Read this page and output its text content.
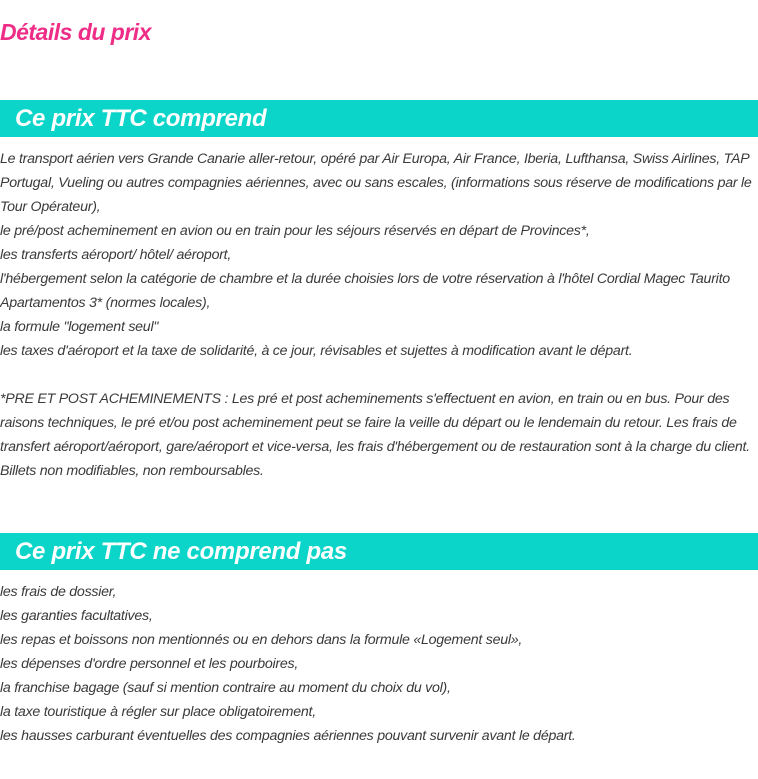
Détails du prix
Ce prix TTC comprend
Le transport aérien vers Grande Canarie aller-retour, opéré par Air Europa, Air France, Iberia, Lufthansa, Swiss Airlines, TAP Portugal, Vueling ou autres compagnies aériennes, avec ou sans escales, (informations sous réserve de modifications par le Tour Opérateur),
le pré/post acheminement en avion ou en train pour les séjours réservés en départ de Provinces*,
les transferts aéroport/ hôtel/ aéroport,
l'hébergement selon la catégorie de chambre et la durée choisies lors de votre réservation à l'hôtel Cordial Magec Taurito Apartamentos 3* (normes locales),
la formule "logement seul"
les taxes d'aéroport et la taxe de solidarité, à ce jour, révisables et sujettes à modification avant le départ.
*PRE ET POST ACHEMINEMENTS : Les pré et post acheminements s'effectuent en avion, en train ou en bus. Pour des raisons techniques, le pré et/ou post acheminement peut se faire la veille du départ ou le lendemain du retour. Les frais de transfert aéroport/aéroport, gare/aéroport et vice-versa, les frais d'hébergement ou de restauration sont à la charge du client. Billets non modifiables, non remboursables.
Ce prix TTC ne comprend pas
les frais de dossier,
les garanties facultatives,
les repas et boissons non mentionnés ou en dehors dans la formule «Logement seul»,
les dépenses d'ordre personnel et les pourboires,
la franchise bagage (sauf si mention contraire au moment du choix du vol),
la taxe touristique à régler sur place obligatoirement,
les hausses carburant éventuelles des compagnies aériennes pouvant survenir avant le départ.
